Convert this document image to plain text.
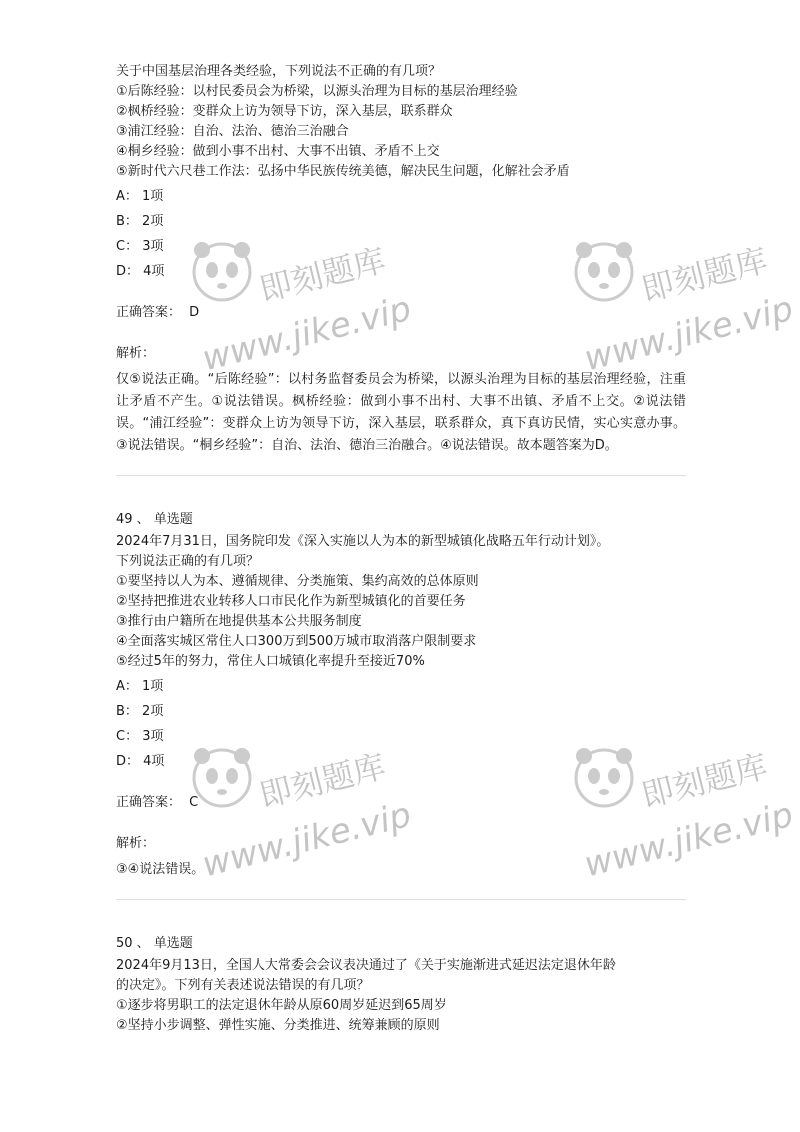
即刻题库
www.jike.vip
即刻题库
www.jike.vip
即刻题库
www.jike.vip
即刻题库
www.jike.vip
关于中国基层治理各类经验，下列说法不正确的有几项？
①后陈经验：以村民委员会为桥梁，以源头治理为目标的基层治理经验
②枫桥经验：变群众上访为领导下访，深入基层，联系群众
③浦江经验：自治、法治、德治三治融合
④桐乡经验：做到小事不出村、大事不出镇、矛盾不上交
⑤新时代六尺巷工作法：弘扬中华民族传统美德，解决民生问题，化解社会矛盾
A： 1项
B： 2项
C： 3项
D： 4项
正确答案： D
解析：
仅⑤说法正确。“后陈经验”：以村务监督委员会为桥梁，以源头治理为目标的基层治理经验，注重让矛盾不产生。①说法错误。枫桥经验：做到小事不出村、大事不出镇、矛盾不上交。②说法错误。“浦江经验”：变群众上访为领导下访，深入基层，联系群众，真下真访民情，实心实意办事。③说法错误。“桐乡经验”：自治、法治、德治三治融合。④说法错误。故本题答案为D。
49 、 单选题
2024年7月31日，国务院印发《深入实施以人为本的新型城镇化战略五年行动计划》。
下列说法正确的有几项？
①要坚持以人为本、遵循规律、分类施策、集约高效的总体原则
②坚持把推进农业转移人口市民化作为新型城镇化的首要任务
③推行由户籍所在地提供基本公共服务制度
④全面落实城区常住人口300万到500万城市取消落户限制要求
⑤经过5年的努力，常住人口城镇化率提升至接近70%
A： 1项
B： 2项
C： 3项
D： 4项
正确答案： C
解析：
③④说法错误。
50 、 单选题
2024年9月13日，全国人大常委会会议表决通过了《关于实施渐进式延迟法定退休年龄
的决定》。下列有关表述说法错误的有几项？
①逐步将男职工的法定退休年龄从原60周岁延迟到65周岁
②坚持小步调整、弹性实施、分类推进、统筹兼顾的原则
